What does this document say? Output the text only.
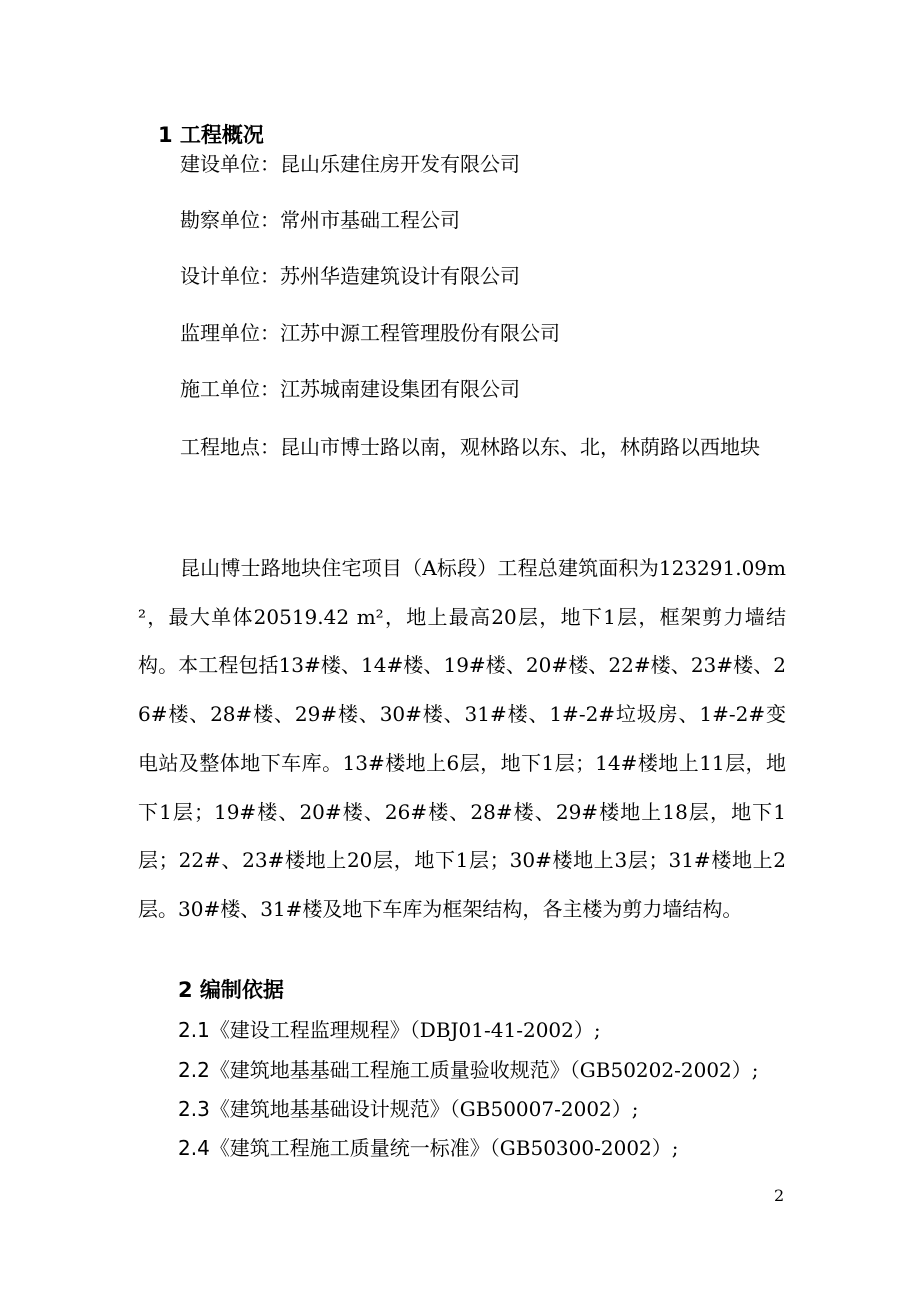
1 工程概况
建设单位：昆山乐建住房开发有限公司
勘察单位：常州市基础工程公司
设计单位：苏州华造建筑设计有限公司
监理单位：江苏中源工程管理股份有限公司
施工单位：江苏城南建设集团有限公司
工程地点：昆山市博士路以南，观林路以东、北，林荫路以西地块
昆山博士路地块住宅项目（A标段）工程总建筑面积为123291.09m²，最大单体20519.42 m²，地上最高20层，地下1层，框架剪力墙结构。本工程包括13#楼、14#楼、19#楼、20#楼、22#楼、23#楼、26#楼、28#楼、29#楼、30#楼、31#楼、1#-2#垃圾房、1#-2#变电站及整体地下车库。13#楼地上6层，地下1层；14#楼地上11层，地下1层；19#楼、20#楼、26#楼、28#楼、29#楼地上18层，地下1层；22#、23#楼地上20层，地下1层；30#楼地上3层；31#楼地上2层。30#楼、31#楼及地下车库为框架结构，各主楼为剪力墙结构。
2 编制依据
2.1《建设工程监理规程》（DBJ01-41-2002）;
2.2《建筑地基基础工程施工质量验收规范》（GB50202-2002）;
2.3《建筑地基基础设计规范》（GB50007-2002）;
2.4《建筑工程施工质量统一标准》（GB50300-2002）;
2
